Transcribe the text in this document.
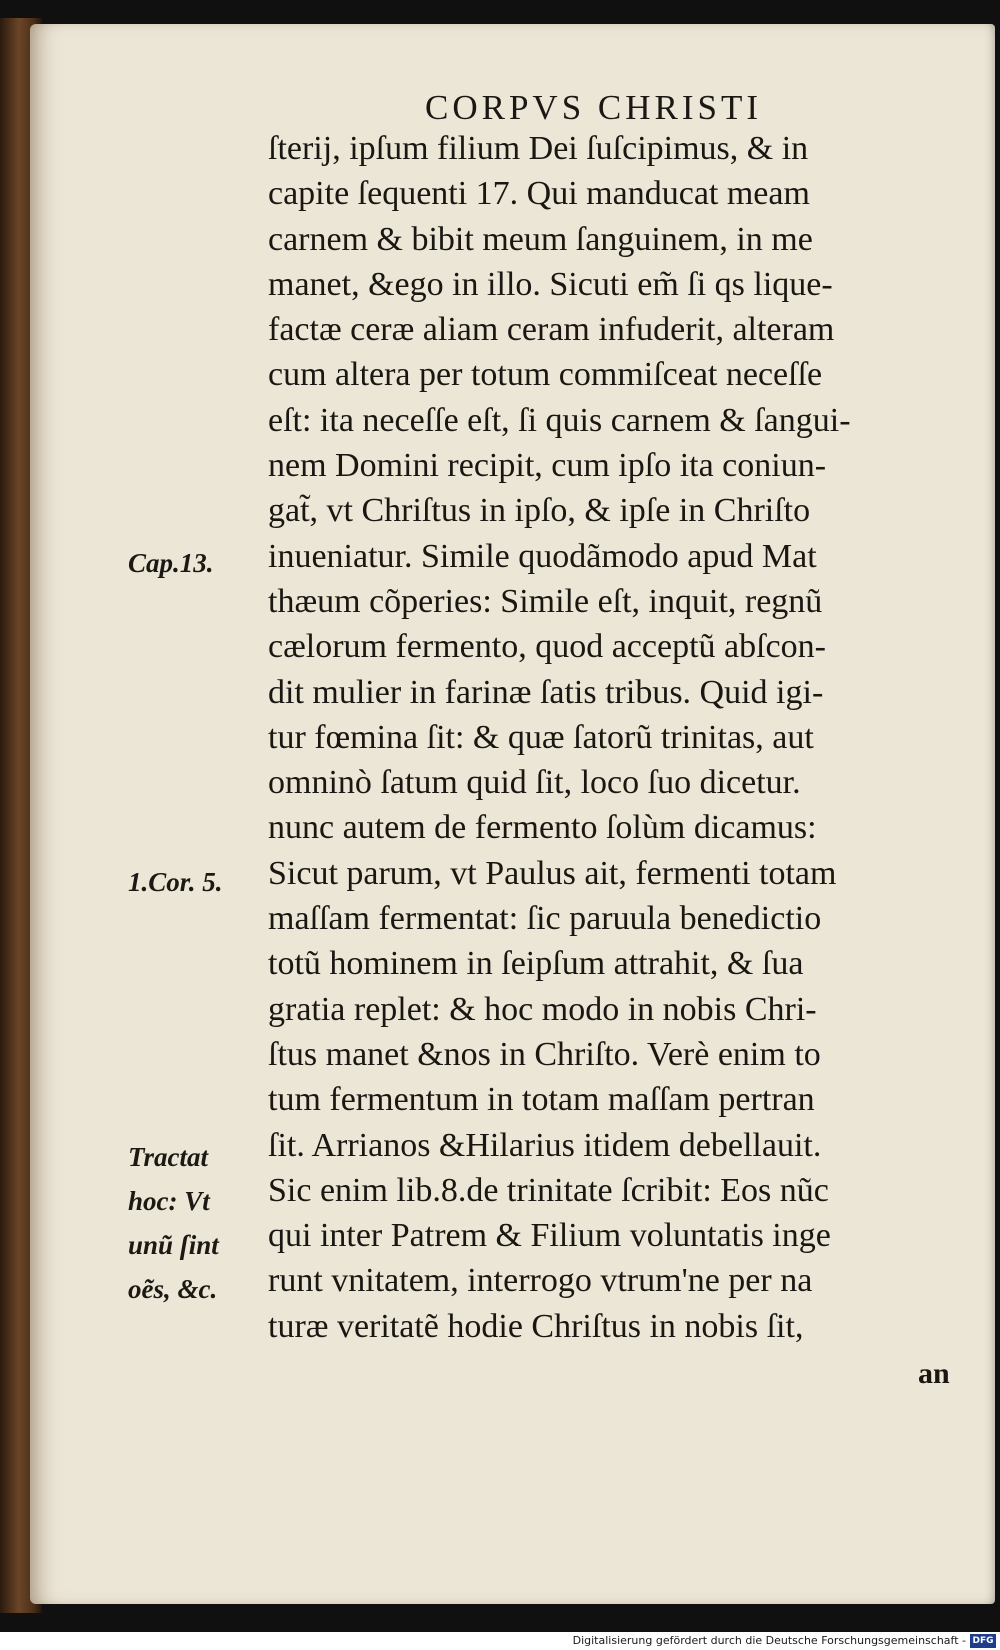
CORPVS CHRISTI
ſterij, ipſum filium Dei ſuſcipimus, & in
capite ſequenti 17. Qui manducat meam
carnem & bibit meum ſanguinem, in me
manet, &ego in illo. Sicuti em̃ ſi qs lique-
factæ ceræ aliam ceram infuderit, alteram
cum altera per totum commiſceat neceſſe
eſt: ita neceſſe eſt, ſi quis carnem & ſangui-
nem Domini recipit, cum ipſo ita coniun-
gat̃, vt Chriſtus in ipſo, & ipſe in Chriſto
inueniatur. Simile quodãmodo apud Mat
thæum cõperies: Simile eſt, inquit, regnũ
cælorum fermento, quod acceptũ abſcon-
dit mulier in farinæ ſatis tribus. Quid igi-
tur fœmina ſit: & quæ ſatorũ trinitas, aut
omninò ſatum quid ſit, loco ſuo dicetur.
nunc autem de fermento ſolùm dicamus:
Sicut parum, vt Paulus ait, fermenti totam
maſſam fermentat: ſic paruula benedictio
totũ hominem in ſeipſum attrahit, & ſua
gratia replet: & hoc modo in nobis Chri-
ſtus manet &nos in Chriſto. Verè enim to
tum fermentum in totam maſſam pertran
ſit. Arrianos &Hilarius itidem debellauit.
Sic enim lib.8.de trinitate ſcribit: Eos nũc
qui inter Patrem & Filium voluntatis inge
runt vnitatem, interrogo vtrum'ne per na
turæ veritatẽ hodie Chriſtus in nobis ſit,
Cap.13.
1.Cor. 5.
Tractat
hoc: Vt
unũ ſint
oẽs, &c.
an
Digitalisierung gefördert durch die Deutsche Forschungsgemeinschaft - DFG
